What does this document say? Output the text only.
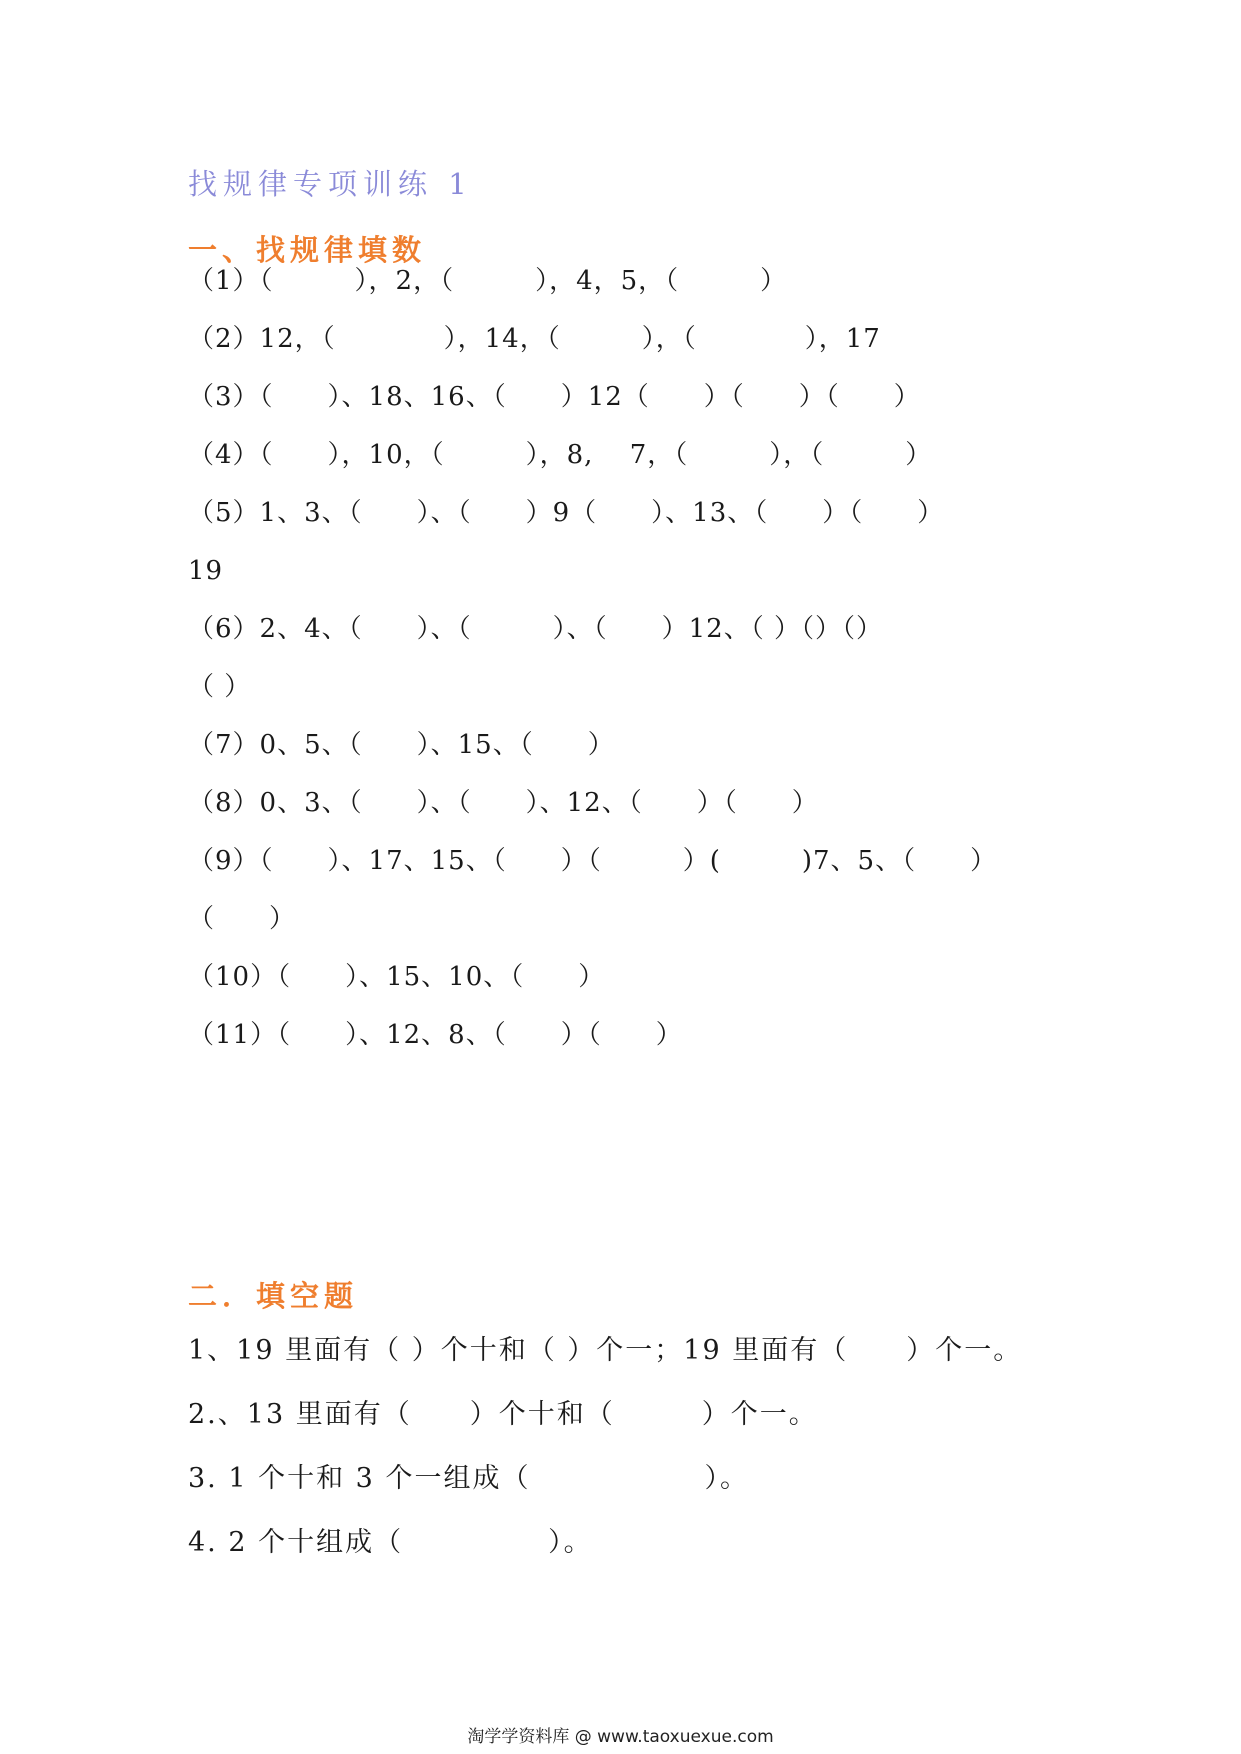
找规律专项训练 1
一、找规律填数
（1）（　　　），2，（　　　），4，5，（　　　）
（2）12，（　　　　），14，（　　　），（　　　　），17
（3）（　　）、18、16、（　　）12（　　）（　　）（　　）
（4）（　　），10，（　　　），8,　 7，（　　　），（　　　）
（5）1、3、（　　）、（　　）9（　　）、13、（　　）（　　）
19
（6）2、4、（　　）、（　　　）、（　　）12、（ ）（）（）
（ ）
（7）0、5、（　　）、15、（　　）
（8）0、3、（　　）、（　　）、12、（　　）（　　）
（9）（　　）、17、15、（　　）（　　　）(　　　)7、5、（　　）
（　　）
（10）（　　）、15、10、（　　）
（11）（　　）、12、8、（　　）（　　）
二．填空题
1、19 里面有（ ）个十和（ ）个一；19 里面有（　　）个一。
2.、13 里面有（　　）个十和（　　　）个一。
3. 1 个十和 3 个一组成（　　　　　　）。
4. 2 个十组成（　　　　　）。
淘学学资料库 @ www.taoxuexue.com
